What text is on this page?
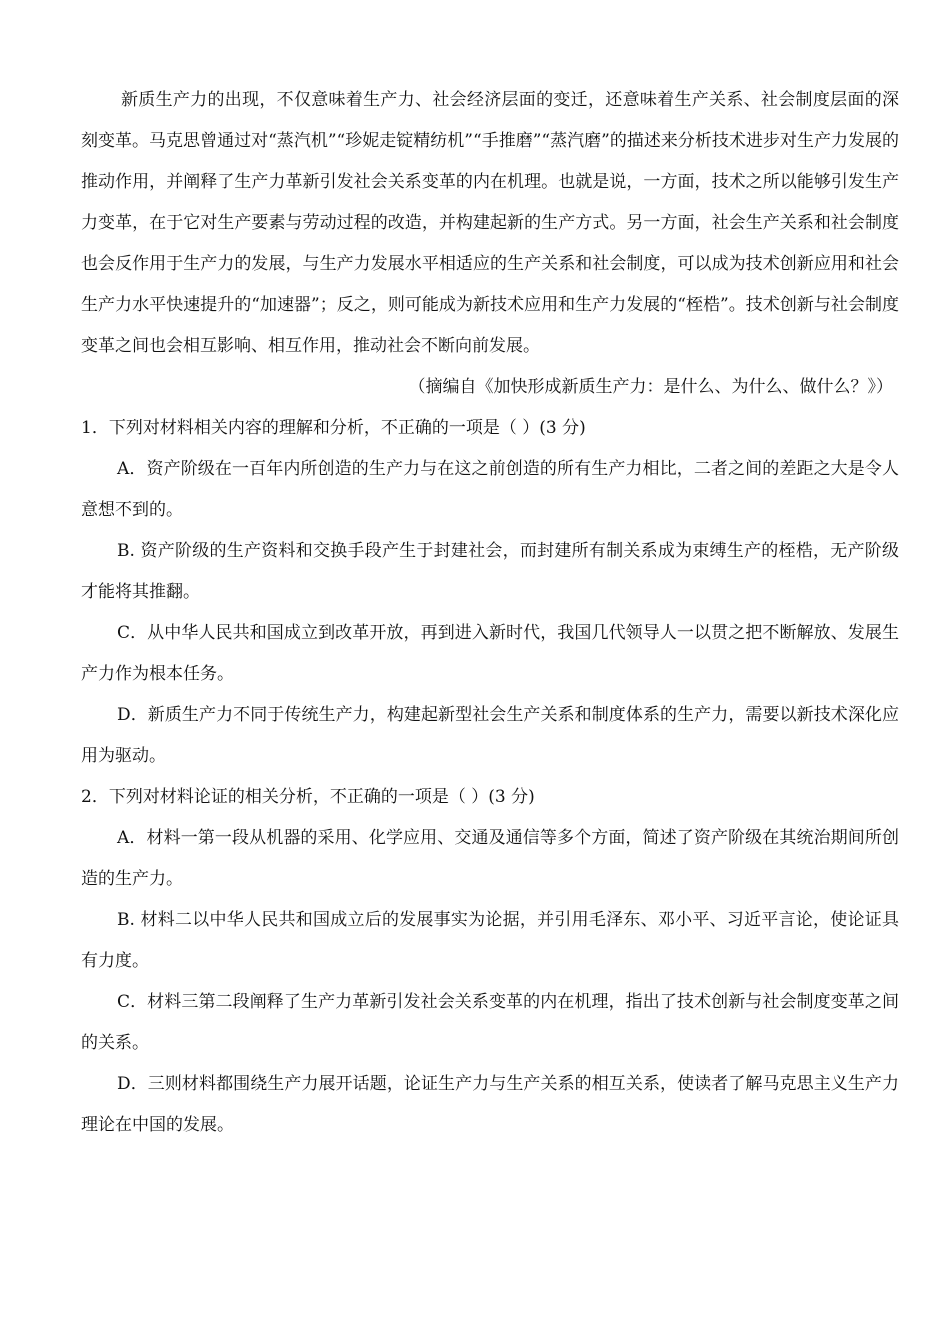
新质生产力的出现，不仅意味着生产力、社会经济层面的变迁，还意味着生产关系、社会制度层面的深刻变革。马克思曾通过对“蒸汽机”“珍妮走锭精纺机”“手推磨”“蒸汽磨”的描述来分析技术进步对生产力发展的推动作用，并阐释了生产力革新引发社会关系变革的内在机理。也就是说，一方面，技术之所以能够引发生产力变革，在于它对生产要素与劳动过程的改造，并构建起新的生产方式。另一方面，社会生产关系和社会制度也会反作用于生产力的发展，与生产力发展水平相适应的生产关系和社会制度，可以成为技术创新应用和社会生产力水平快速提升的“加速器”；反之，则可能成为新技术应用和生产力发展的“桎梏”。技术创新与社会制度变革之间也会相互影响、相互作用，推动社会不断向前发展。

（摘编自《加快形成新质生产力：是什么、为什么、做什么？》）

1．下列对材料相关内容的理解和分析，不正确的一项是（ ）(3 分)

A．资产阶级在一百年内所创造的生产力与在这之前创造的所有生产力相比，二者之间的差距之大是令人意想不到的。

B. 资产阶级的生产资料和交换手段产生于封建社会，而封建所有制关系成为束缚生产的桎梏，无产阶级才能将其推翻。

C．从中华人民共和国成立到改革开放，再到进入新时代，我国几代领导人一以贯之把不断解放、发展生产力作为根本任务。

D．新质生产力不同于传统生产力，构建起新型社会生产关系和制度体系的生产力，需要以新技术深化应用为驱动。

2．下列对材料论证的相关分析，不正确的一项是（ ）(3 分)

A．材料一第一段从机器的采用、化学应用、交通及通信等多个方面，简述了资产阶级在其统治期间所创造的生产力。

B. 材料二以中华人民共和国成立后的发展事实为论据，并引用毛泽东、邓小平、习近平言论，使论证具有力度。

C．材料三第二段阐释了生产力革新引发社会关系变革的内在机理，指出了技术创新与社会制度变革之间的关系。

D．三则材料都围绕生产力展开话题，论证生产力与生产关系的相互关系，使读者了解马克思主义生产力理论在中国的发展。
